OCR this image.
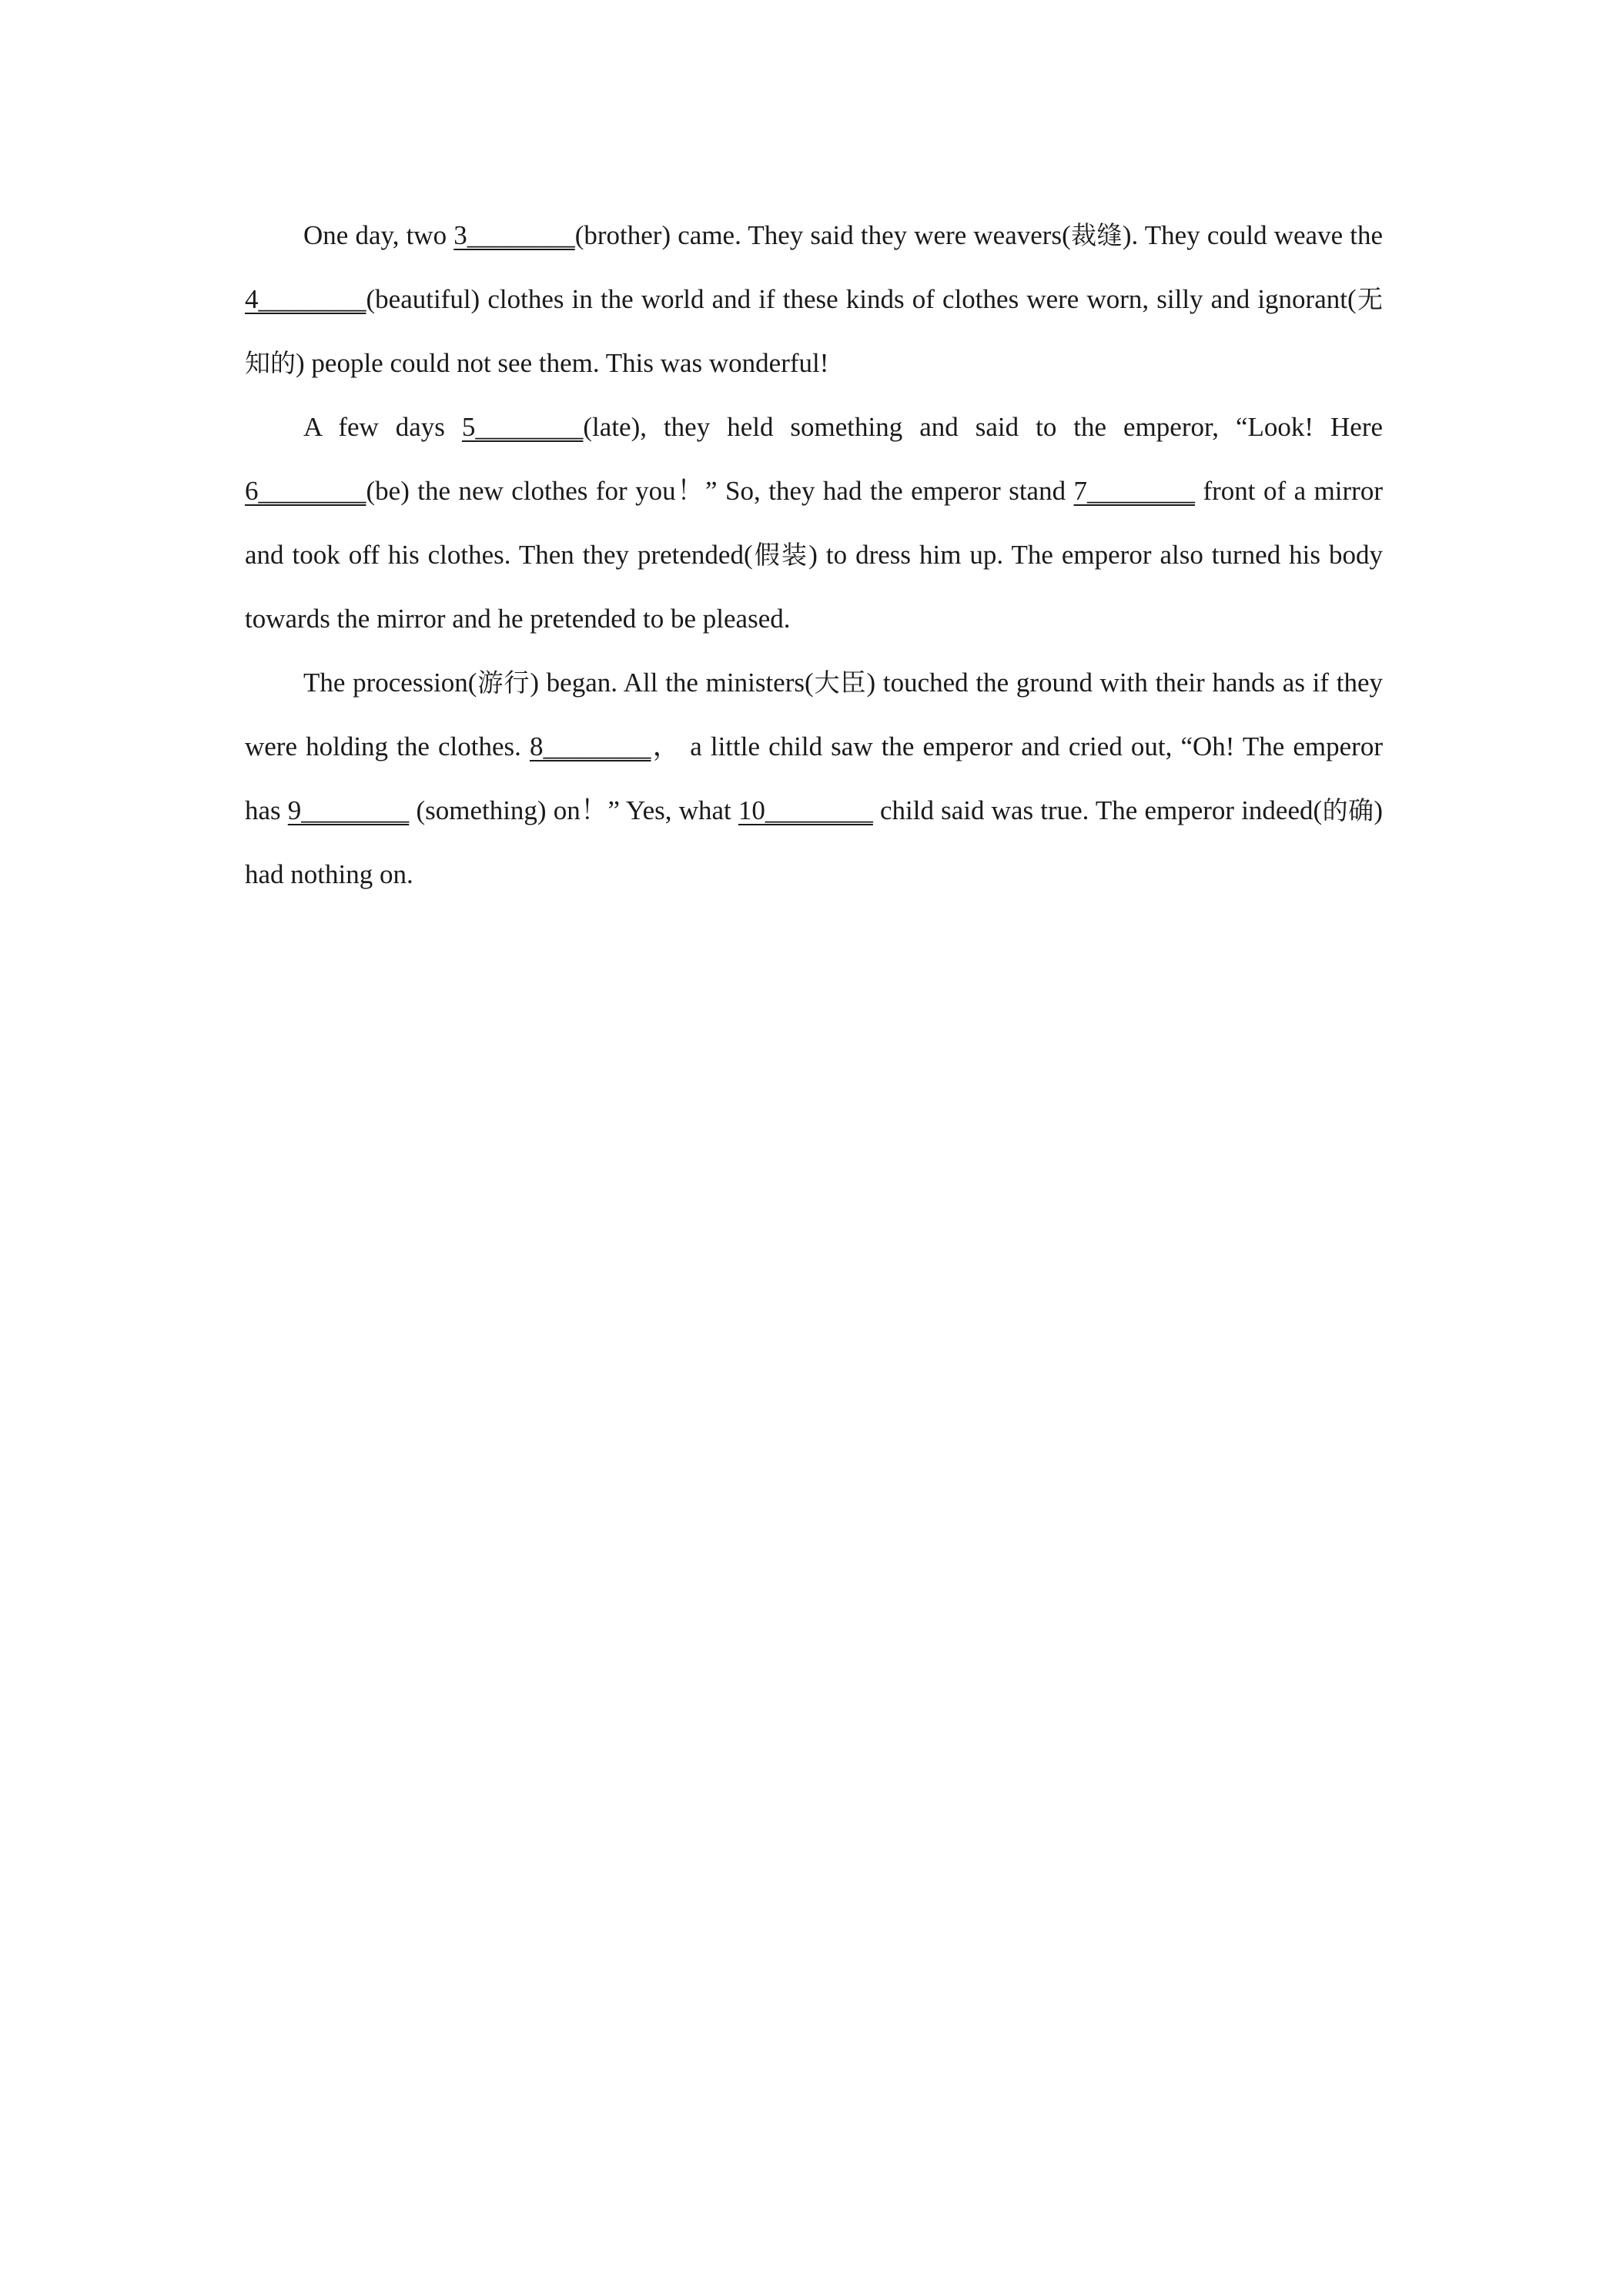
One day, two 3________(brother) came. They said they were weavers(裁缝). They could weave the 4________(beautiful) clothes in the world and if these kinds of clothes were worn, silly and ignorant(无知的) people could not see them. This was wonderful!

A few days 5________(late), they held something and said to the emperor, “Look! Here 6________(be) the new clothes for you！” So, they had the emperor stand 7________ front of a mirror and took off his clothes. Then they pretended(假装) to dress him up. The emperor also turned his body towards the mirror and he pretended to be pleased.

The procession(游行) began. All the ministers(大臣) touched the ground with their hands as if they were holding the clothes. 8________， a little child saw the emperor and cried out, “Oh! The emperor has 9________ (something) on！” Yes, what 10________ child said was true. The emperor indeed(的确) had nothing on.
